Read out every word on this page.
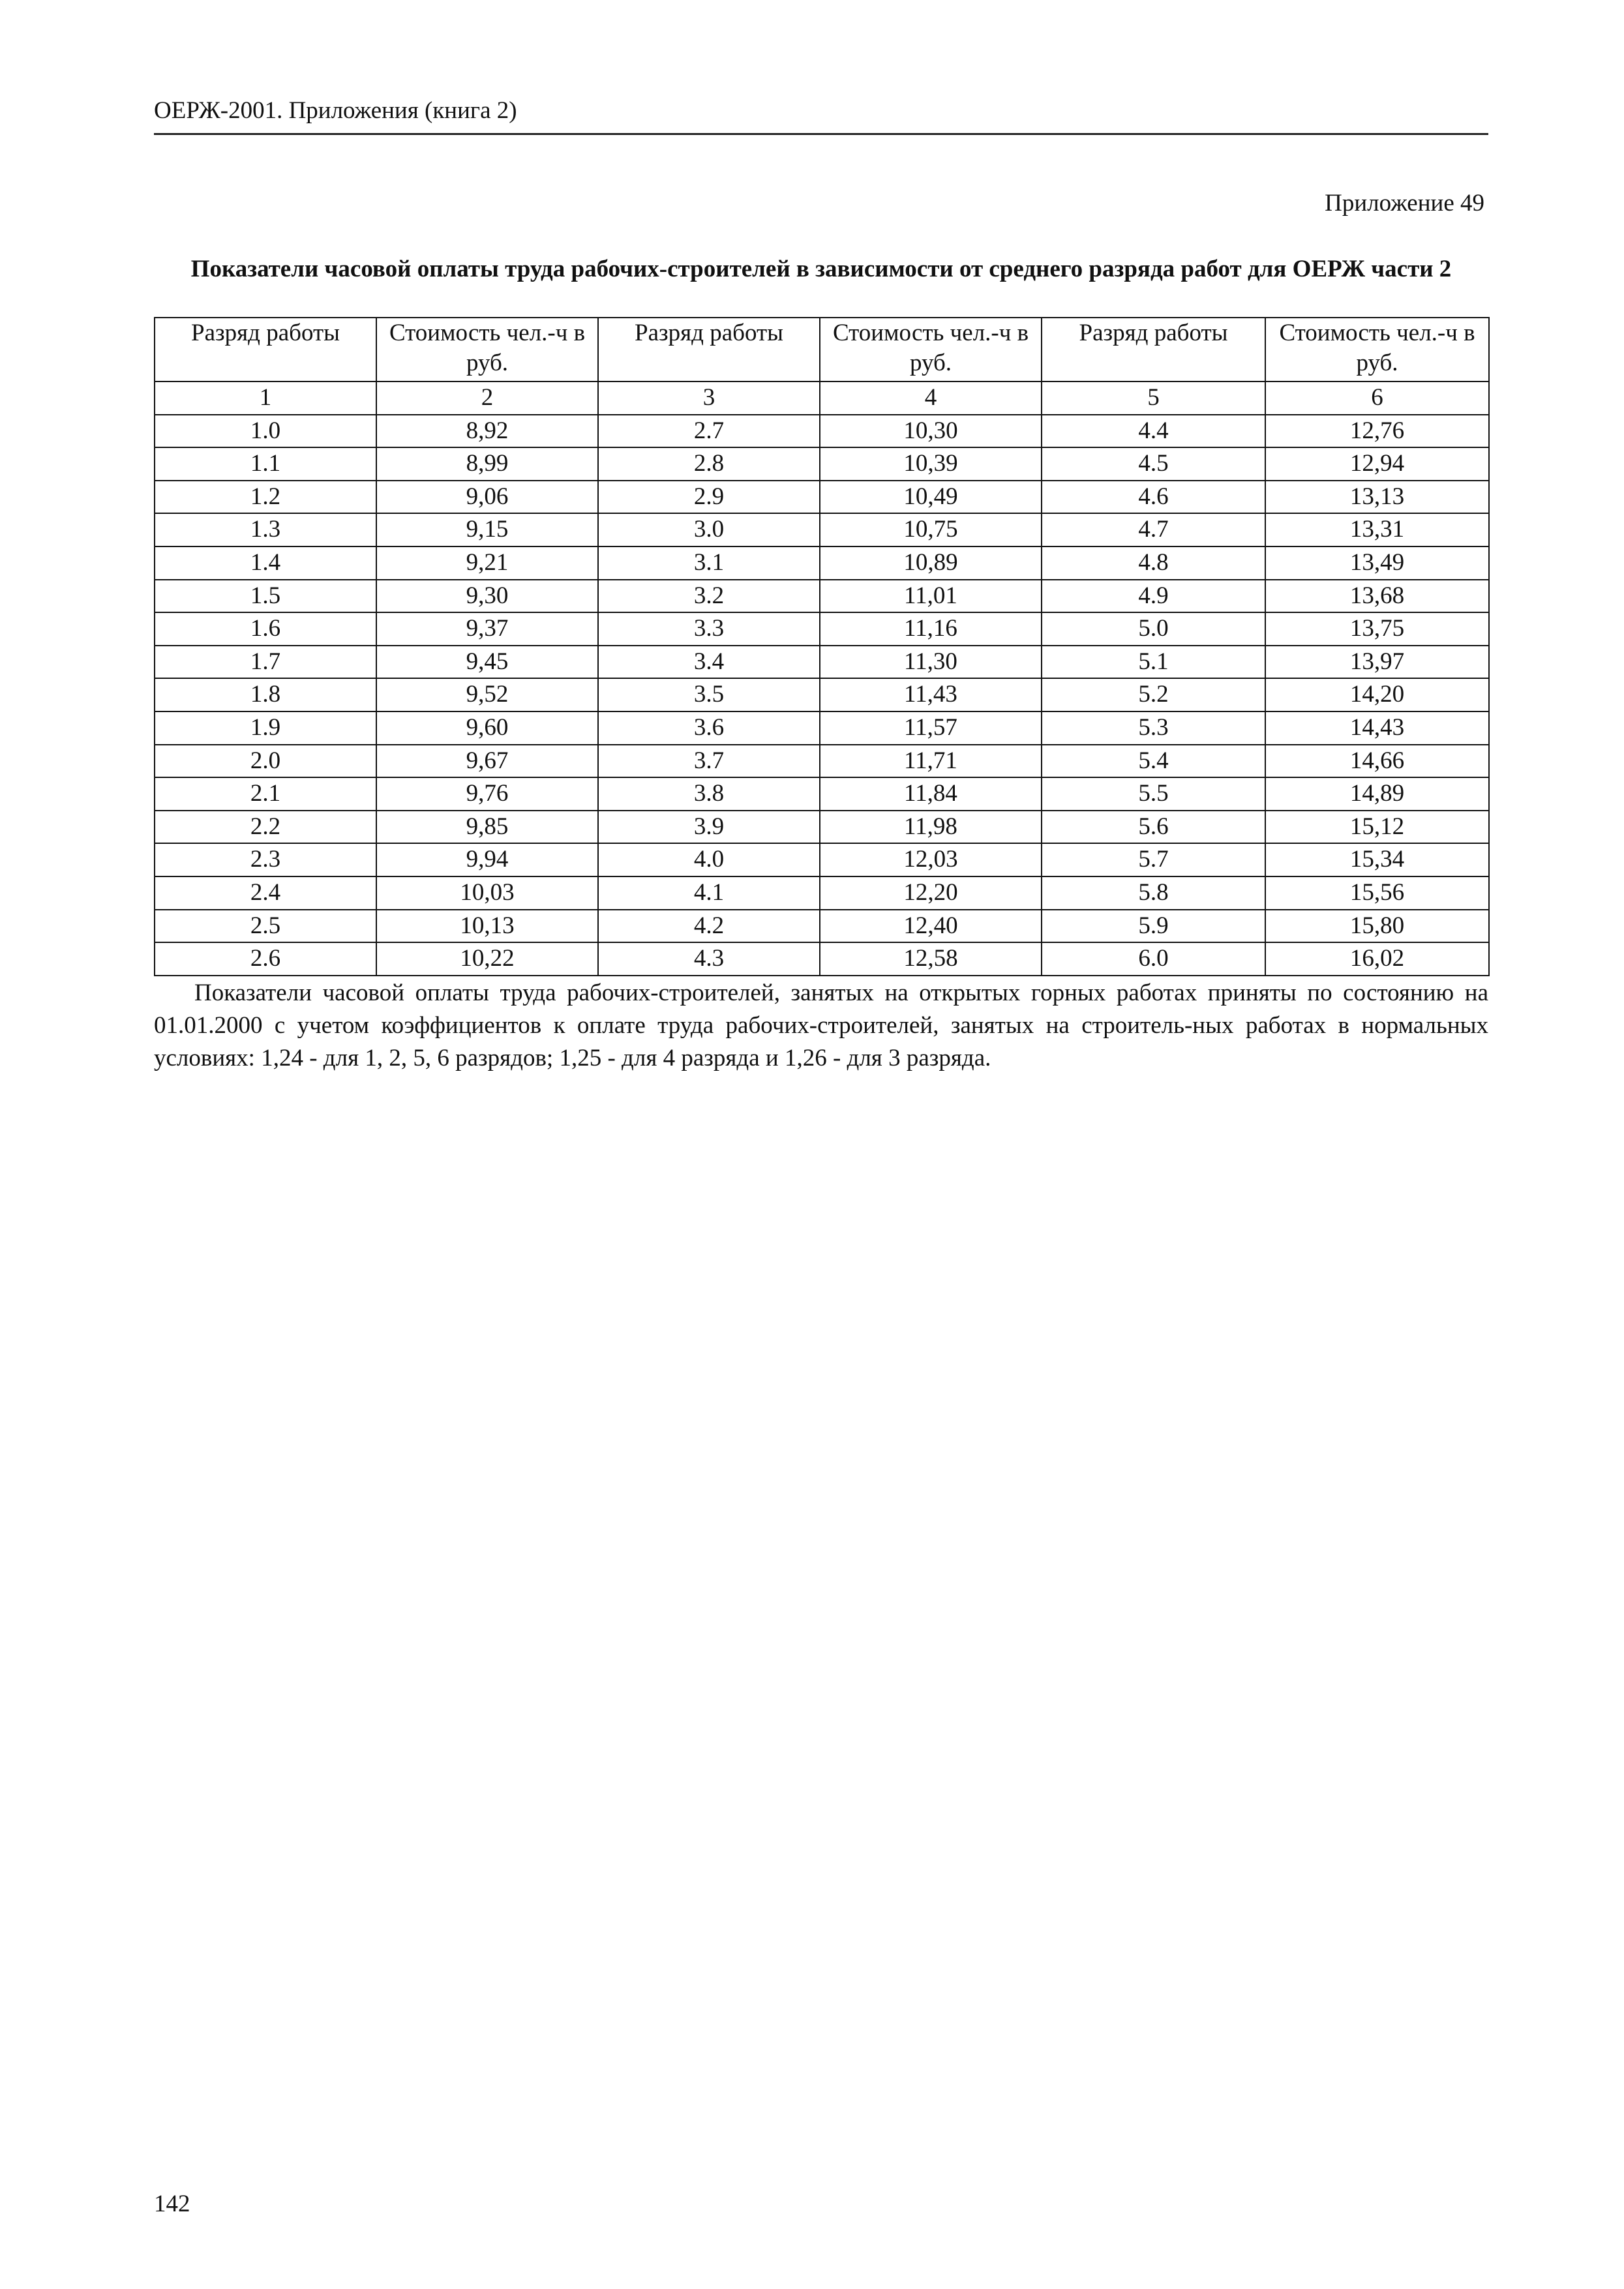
ОЕРЖ-2001. Приложения (книга 2)
Приложение 49
Показатели часовой оплаты труда рабочих-строителей в зависимости от среднего разряда работ для ОЕРЖ части 2
Разряд работы	Стоимость чел.-ч в руб.	Разряд работы	Стоимость чел.-ч в руб.	Разряд работы	Стоимость чел.-ч в руб.
1	2	3	4	5	6
1.0	8,92	2.7	10,30	4.4	12,76
1.1	8,99	2.8	10,39	4.5	12,94
1.2	9,06	2.9	10,49	4.6	13,13
1.3	9,15	3.0	10,75	4.7	13,31
1.4	9,21	3.1	10,89	4.8	13,49
1.5	9,30	3.2	11,01	4.9	13,68
1.6	9,37	3.3	11,16	5.0	13,75
1.7	9,45	3.4	11,30	5.1	13,97
1.8	9,52	3.5	11,43	5.2	14,20
1.9	9,60	3.6	11,57	5.3	14,43
2.0	9,67	3.7	11,71	5.4	14,66
2.1	9,76	3.8	11,84	5.5	14,89
2.2	9,85	3.9	11,98	5.6	15,12
2.3	9,94	4.0	12,03	5.7	15,34
2.4	10,03	4.1	12,20	5.8	15,56
2.5	10,13	4.2	12,40	5.9	15,80
2.6	10,22	4.3	12,58	6.0	16,02
Показатели часовой оплаты труда рабочих-строителей, занятых на открытых горных работах приняты по состоянию на 01.01.2000 с учетом коэффициентов к оплате труда рабочих-строителей, занятых на строитель-ных работах в нормальных условиях: 1,24 - для 1, 2, 5, 6 разрядов; 1,25 - для 4 разряда и 1,26 - для 3 разряда.
142
